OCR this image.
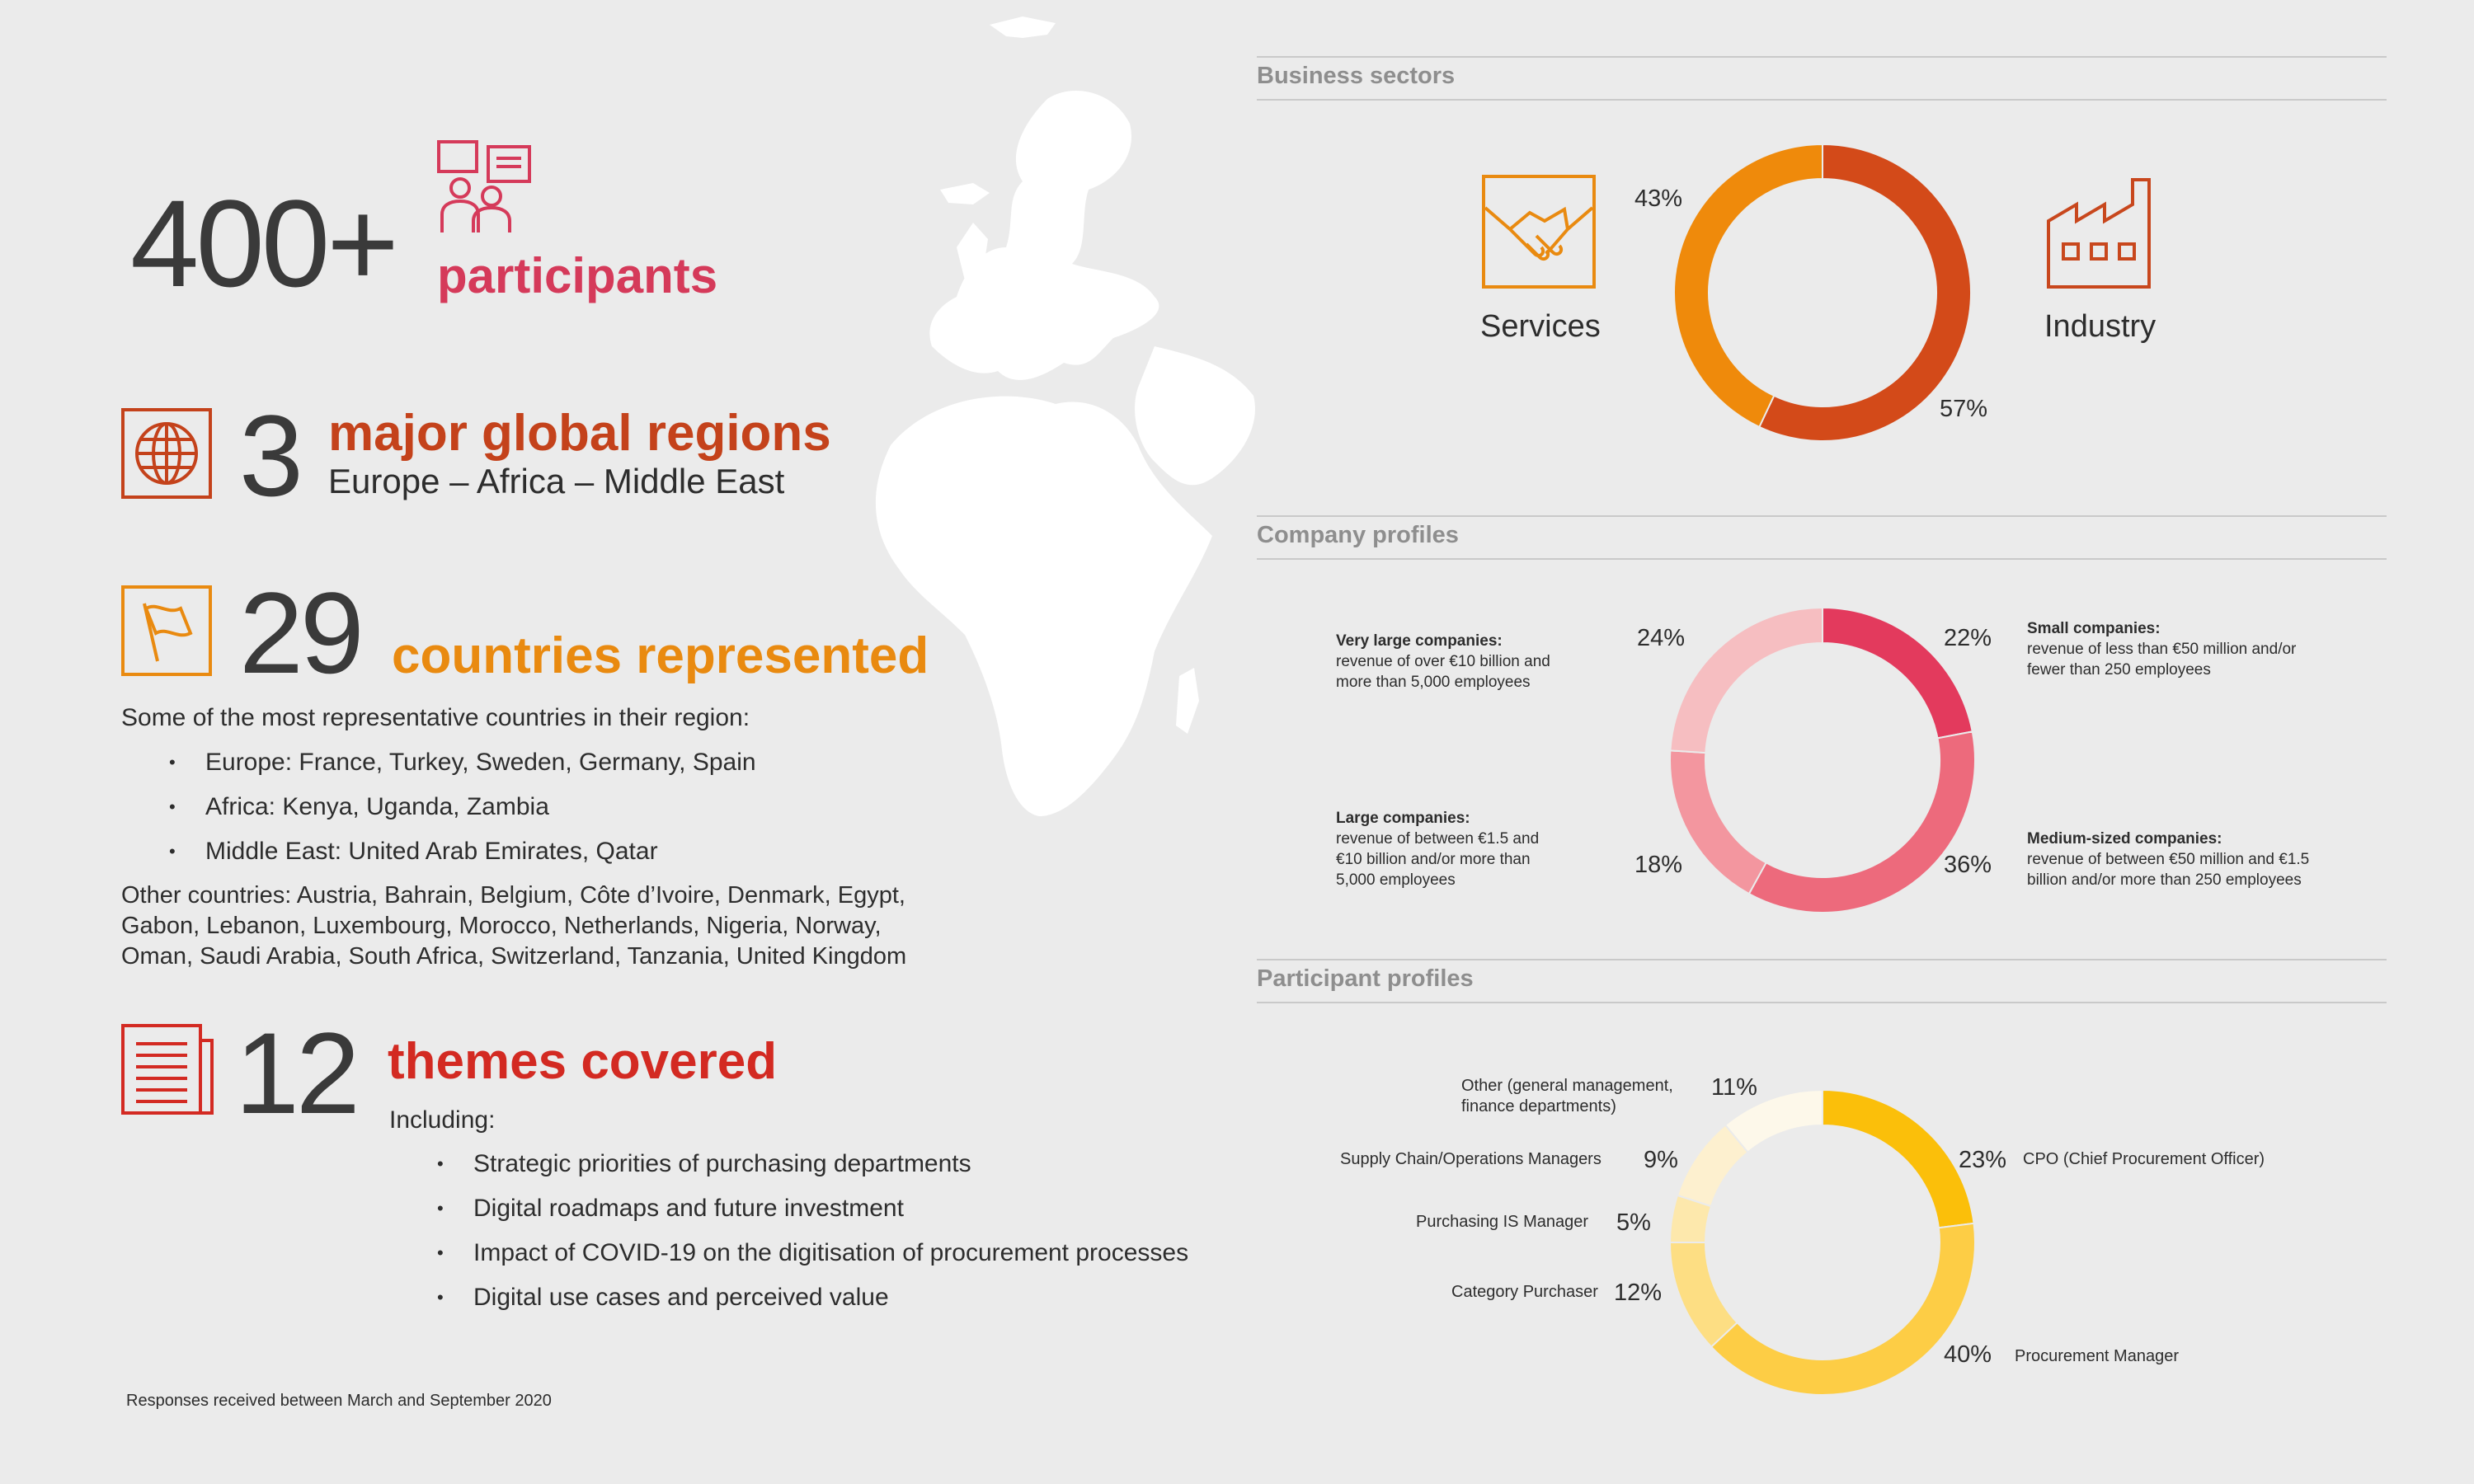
400+ participants
3 major global regions
Europe – Africa – Middle East
29 countries represented
Some of the most representative countries in their region:
• Europe: France, Turkey, Sweden, Germany, Spain
• Africa: Kenya, Uganda, Zambia
• Middle East: United Arab Emirates, Qatar
Other countries: Austria, Bahrain, Belgium, Côte d’Ivoire, Denmark, Egypt,
Gabon, Lebanon, Luxembourg, Morocco, Netherlands, Nigeria, Norway,
Oman, Saudi Arabia, South Africa, Switzerland, Tanzania, United Kingdom
12 themes covered
Including:
• Strategic priorities of purchasing departments
• Digital roadmaps and future investment
• Impact of COVID-19 on the digitisation of procurement processes
• Digital use cases and perceived value
Responses received between March and September 2020
Business sectors
Services	Industry
43%
57%
Company profiles
24%	22%
18%	36%
Very large companies:
revenue of over €10 billion and
more than 5,000 employees
Small companies:
revenue of less than €50 million and/or
fewer than 250 employees
Large companies:
revenue of between €1.5 and
€10 billion and/or more than
5,000 employees
Medium-sized companies:
revenue of between €50 million and €1.5
billion and/or more than 250 employees
Participant profiles
23%
40%
12%
5%
9%
11%
CPO (Chief Procurement Officer)
Procurement Manager
Category Purchaser
Purchasing IS Manager
Supply Chain/Operations Managers
Other (general management,
finance departments)
